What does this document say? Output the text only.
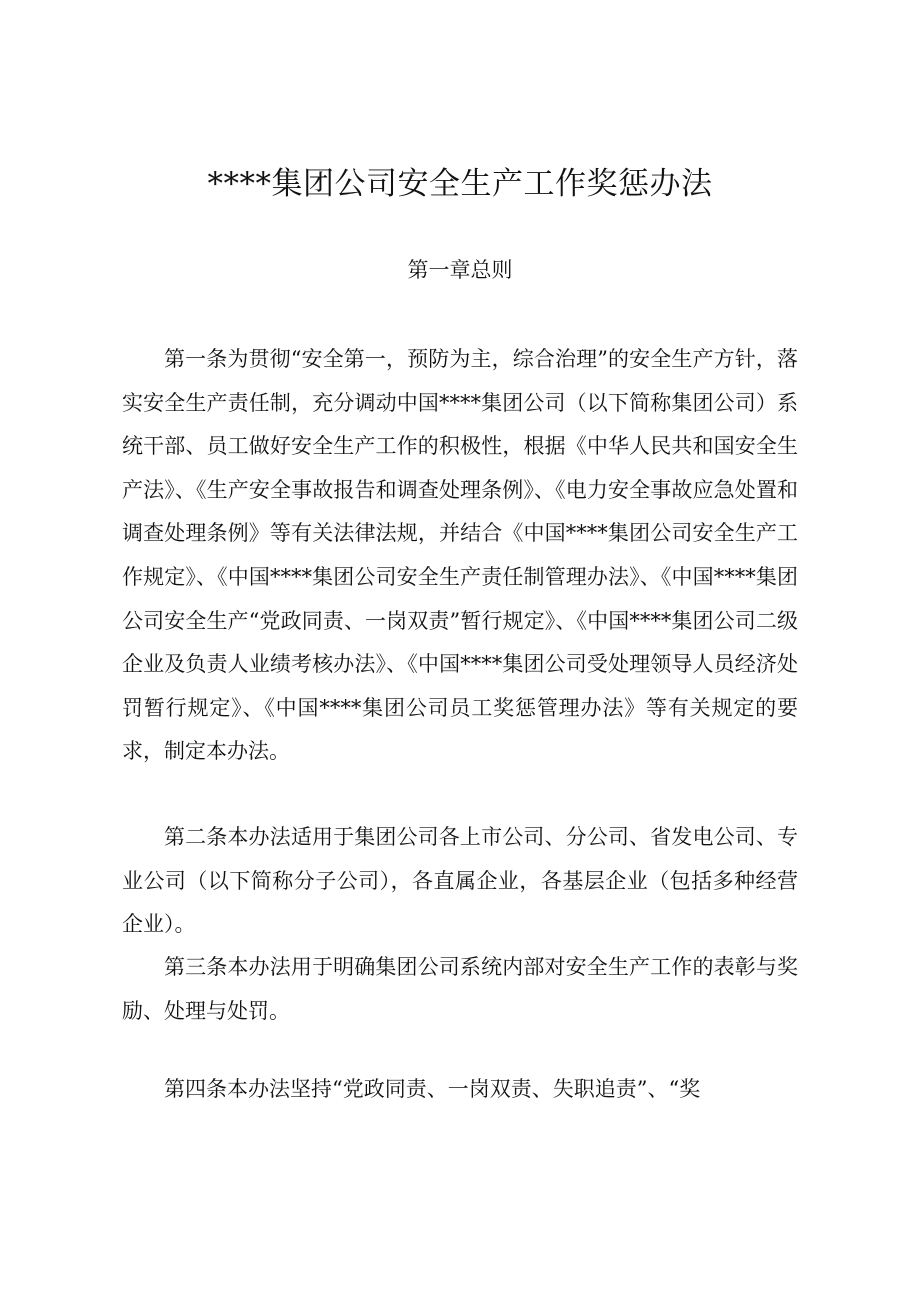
****集团公司安全生产工作奖惩办法
第一章总则

第一条为贯彻“安全第一，预防为主，综合治理”的安全生产方针，落实安全生产责任制，充分调动中国****集团公司（以下简称集团公司）系统干部、员工做好安全生产工作的积极性，根据《中华人民共和国安全生产法》、《生产安全事故报告和调查处理条例》、《电力安全事故应急处置和调查处理条例》等有关法律法规，并结合《中国****集团公司安全生产工作规定》、《中国****集团公司安全生产责任制管理办法》、《中国****集团公司安全生产“党政同责、一岗双责”暂行规定》、《中国****集团公司二级企业及负责人业绩考核办法》、《中国****集团公司受处理领导人员经济处罚暂行规定》、《中国****集团公司员工奖惩管理办法》等有关规定的要求，制定本办法。

第二条本办法适用于集团公司各上市公司、分公司、省发电公司、专业公司（以下简称分子公司），各直属企业，各基层企业（包括多种经营企业）。

第三条本办法用于明确集团公司系统内部对安全生产工作的表彰与奖励、处理与处罚。

第四条本办法坚持“党政同责、一岗双责、失职追责”、“奖
